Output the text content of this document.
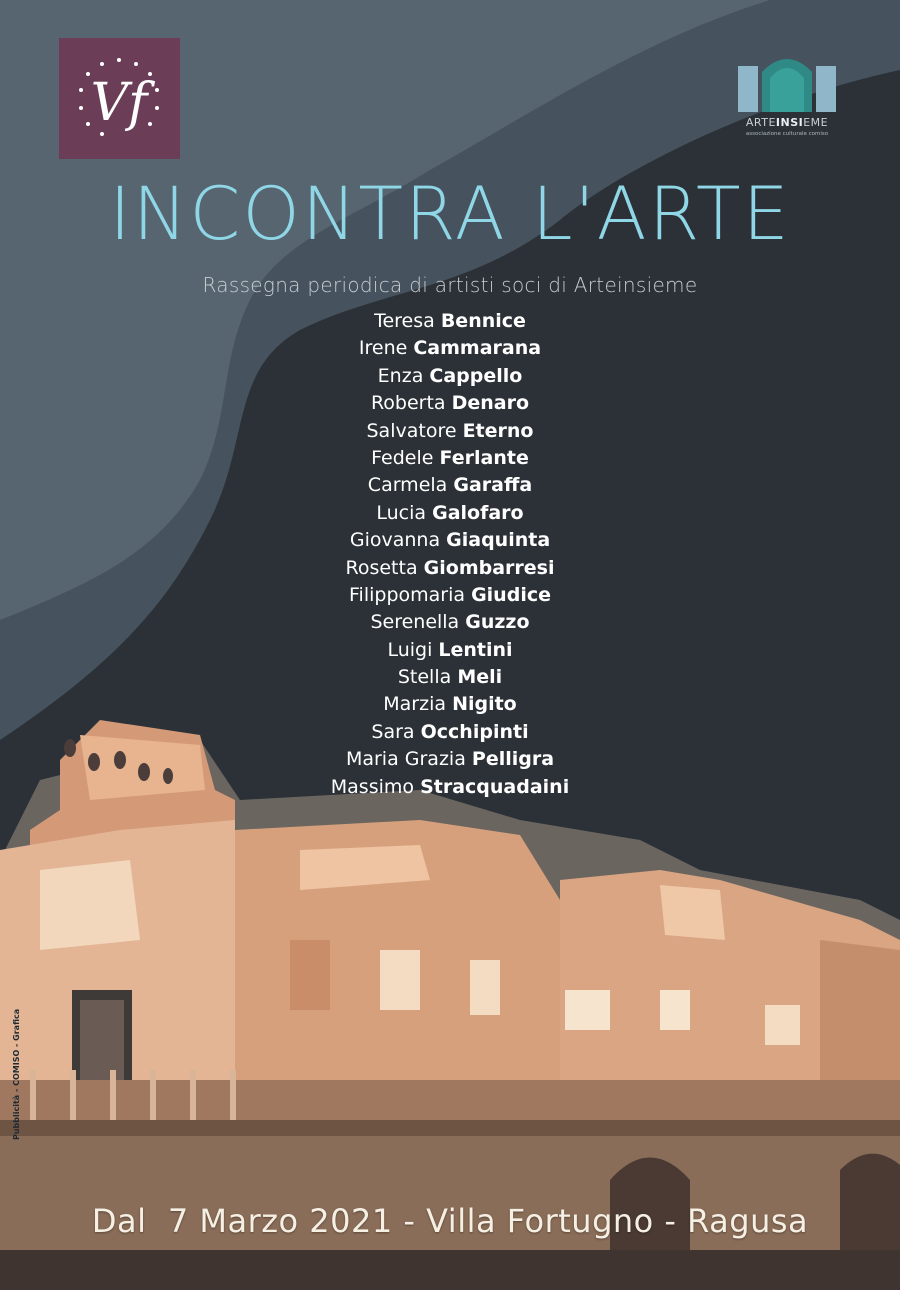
Vf	ARTEINSIEME
associazione culturale comiso
INCONTRA L'ARTE
Rassegna periodica di artisti soci di Arteinsieme
Teresa Bennice
Irene Cammarana
Enza Cappello
Roberta Denaro
Salvatore Eterno
Fedele Ferlante
Carmela Garaffa
Lucia Galofaro
Giovanna Giaquinta
Rosetta Giombarresi
Filippomaria Giudice
Serenella Guzzo
Luigi Lentini
Stella Meli
Marzia Nigito
Sara Occhipinti
Maria Grazia Pelligra
Massimo Stracquadaini
Pubblicità - COMISO - Grafica
Dal  7 Marzo 2021 - Villa Fortugno - Ragusa
